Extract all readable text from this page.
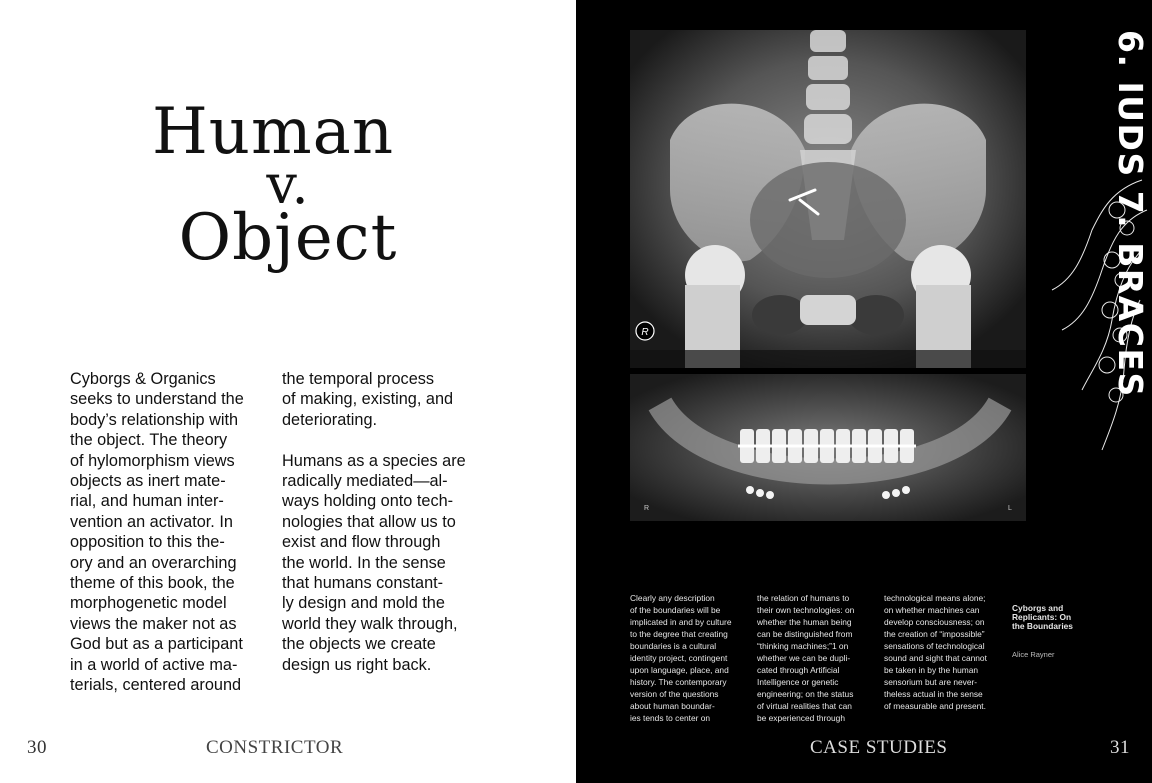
Human
v.
Object

Cyborgs & Organics
seeks to understand the
body’s relationship with
the object. The theory
of hylomorphism views
objects as inert mate-
rial, and human inter-
vention an activator. In
opposition to this the-
ory and an overarching
theme of this book, the
morphogenetic model
views the maker not as
God but as a participant
in a world of active ma-
terials, centered around

the temporal process
of making, existing, and
deteriorating.

Humans as a species are
radically mediated—al-
ways holding onto tech-
nologies that allow us to
exist and flow through
the world. In the sense
that humans constant-
ly design and mold the
world they walk through,
the objects we create
design us right back.

30	CONSTRICTOR
R
R	L
6. IUDS 7. BRACES
Clearly any description
of the boundaries will be
implicated in and by culture
to the degree that creating
boundaries is a cultural
identity project, contingent
upon language, place, and
history. The contemporary
version of the questions
about human boundar-
ies tends to center on
the relation of humans to
their own technologies: on
whether the human being
can be distinguished from
“thinking machines;”1 on
whether we can be dupli-
cated through Artificial
Intelligence or genetic
engineering; on the status
of virtual realities that can
be experienced through
technological means alone;
on whether machines can
develop consciousness; on
the creation of “impossible”
sensations of technological
sound and sight that cannot
be taken in by the human
sensorium but are never-
theless actual in the sense
of measurable and present.

Cyborgs and
Replicants: On
the Boundaries

Alice Rayner

CASE STUDIES	31
